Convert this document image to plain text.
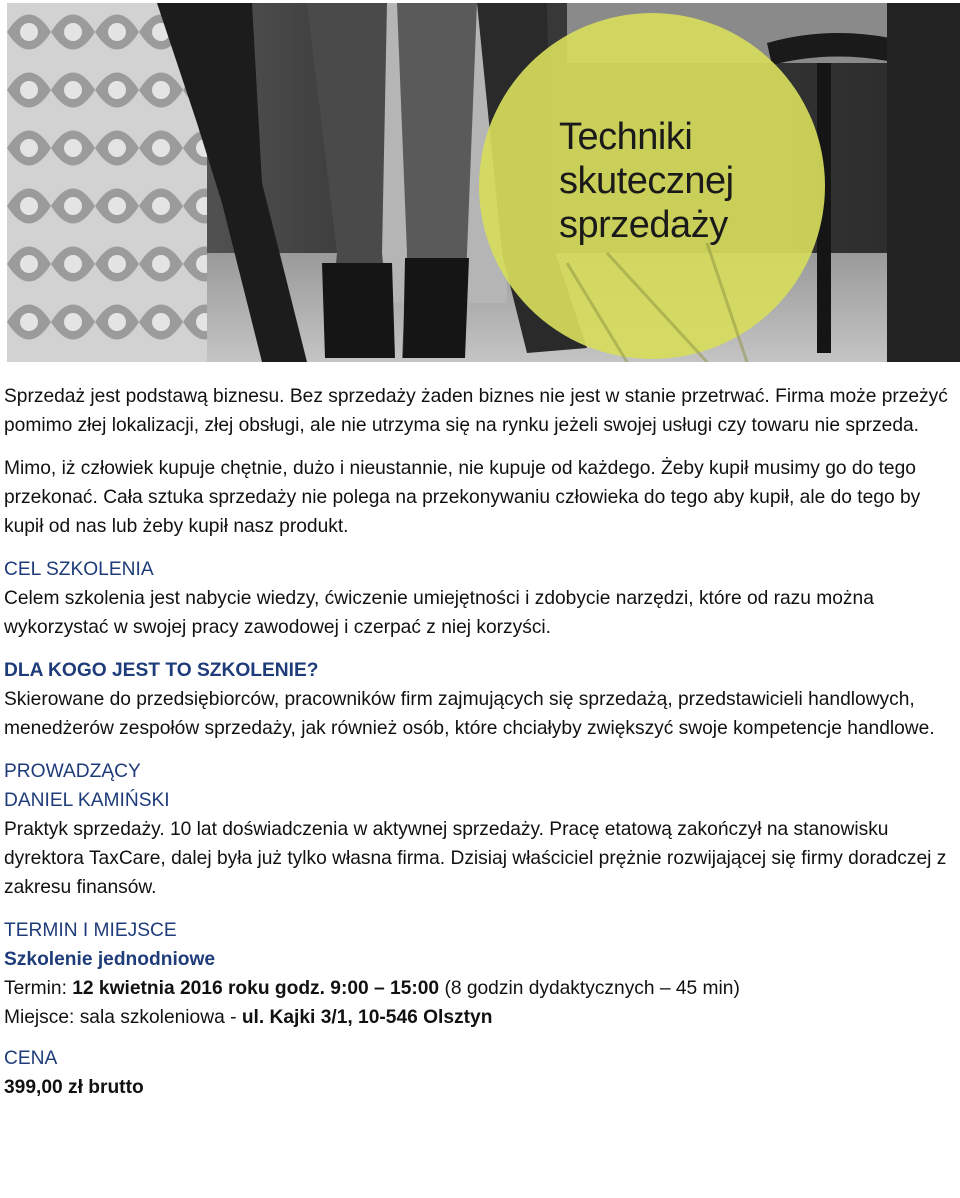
Techniki
skutecznej
sprzedaży

Sprzedaż jest podstawą biznesu. Bez sprzedaży żaden biznes nie jest w stanie przetrwać. Firma może przeżyć pomimo złej lokalizacji, złej obsługi, ale nie utrzyma się na rynku jeżeli swojej usługi czy towaru nie sprzeda.

Mimo, iż człowiek kupuje chętnie, dużo i nieustannie, nie kupuje od każdego. Żeby kupił musimy go do tego przekonać. Cała sztuka sprzedaży nie polega na przekonywaniu człowieka do tego aby kupił, ale do tego by kupił od nas lub żeby kupił nasz produkt.

CEL SZKOLENIA

Celem szkolenia jest nabycie wiedzy, ćwiczenie umiejętności i zdobycie narzędzi, które od razu można wykorzystać w swojej pracy zawodowej i czerpać z niej korzyści.

DLA KOGO JEST TO SZKOLENIE?

Skierowane do przedsiębiorców, pracowników firm zajmujących się sprzedażą, przedstawicieli handlowych, menedżerów zespołów sprzedaży, jak również osób, które chciałyby zwiększyć swoje kompetencje handlowe.

PROWADZĄCY

DANIEL KAMIŃSKI

Praktyk sprzedaży. 10 lat doświadczenia w aktywnej sprzedaży. Pracę etatową zakończył na stanowisku dyrektora TaxCare, dalej była już tylko własna firma. Dzisiaj właściciel prężnie rozwijającej się firmy doradczej z zakresu finansów.

TERMIN I MIEJSCE

Szkolenie jednodniowe

Termin: 12 kwietnia 2016 roku godz. 9:00 – 15:00 (8 godzin dydaktycznych – 45 min)

Miejsce: sala szkoleniowa - ul. Kajki 3/1, 10-546 Olsztyn

CENA

399,00 zł brutto
